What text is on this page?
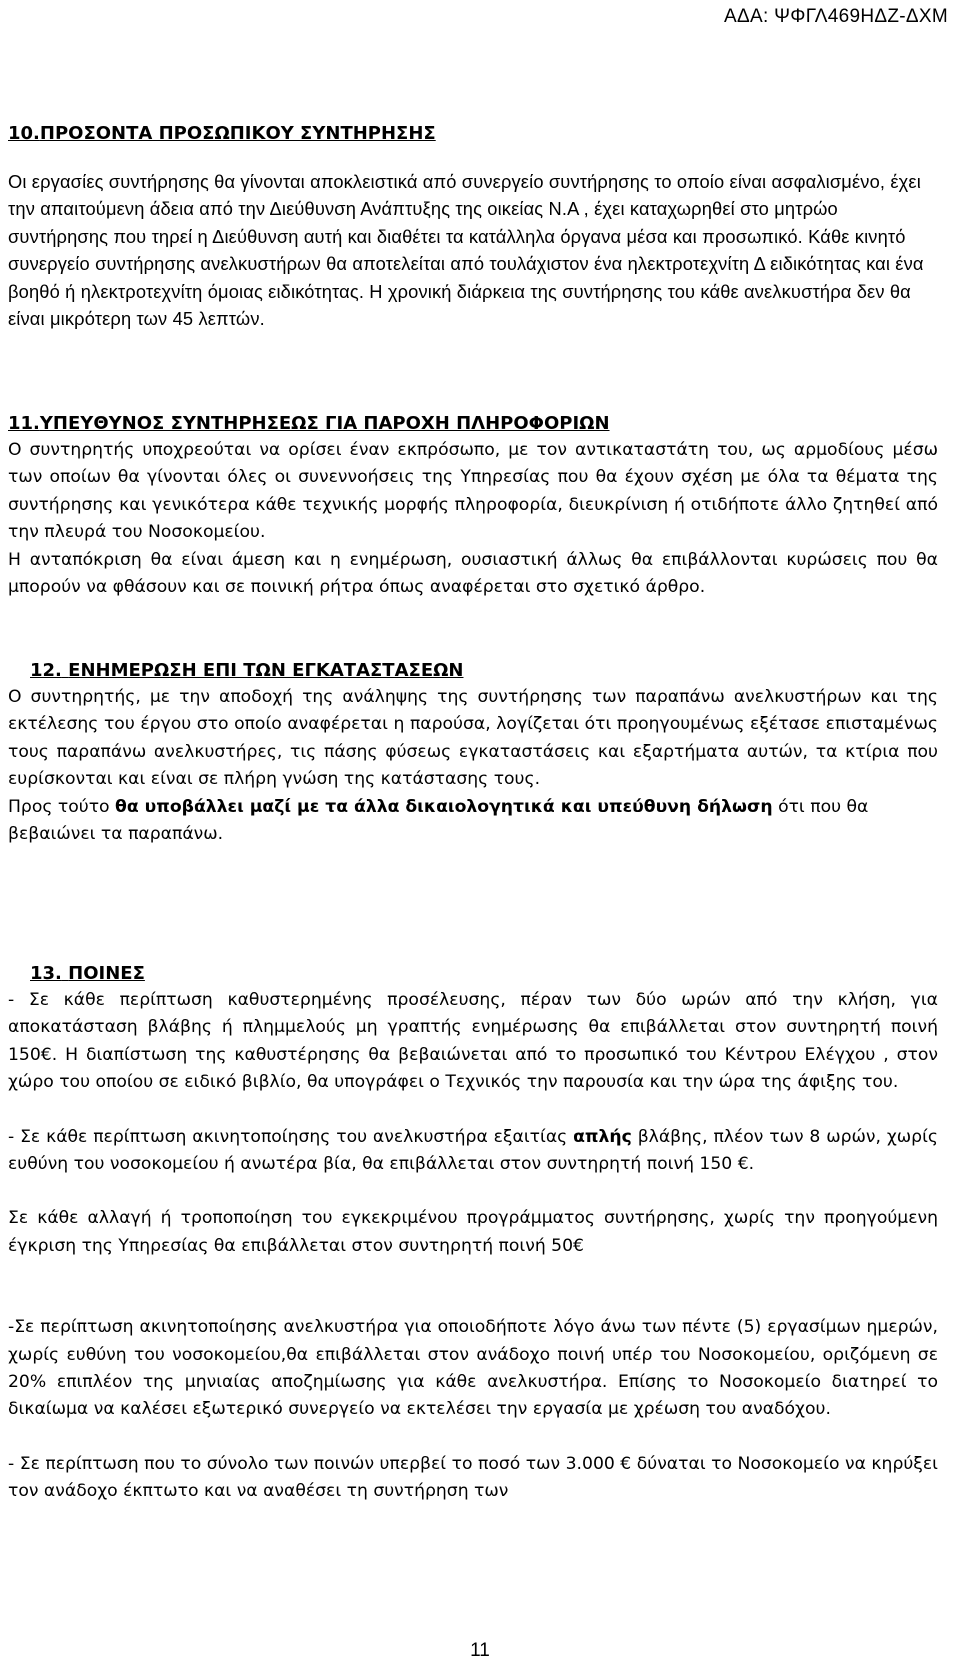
ΑΔΑ: ΨΦΓΛ469ΗΔΖ-ΔΧΜ

10.ΠΡΟΣΟΝΤΑ ΠΡΟΣΩΠΙΚΟΥ ΣΥΝΤΗΡΗΣΗΣ

Οι εργασίες συντήρησης θα γίνονται αποκλειστικά από συνεργείο συντήρησης το οποίο είναι ασφαλισμένο, έχει την απαιτούμενη άδεια από την Διεύθυνση Ανάπτυξης της οικείας Ν.Α , έχει καταχωρηθεί στο μητρώο συντήρησης που τηρεί η Διεύθυνση αυτή και διαθέτει τα κατάλληλα όργανα μέσα και προσωπικό. Κάθε κινητό συνεργείο συντήρησης ανελκυστήρων θα αποτελείται από τουλάχιστον ένα ηλεκτροτεχνίτη Δ ειδικότητας και ένα βοηθό ή ηλεκτροτεχνίτη όμοιας ειδικότητας. Η χρονική διάρκεια της συντήρησης του κάθε ανελκυστήρα δεν θα είναι μικρότερη των 45 λεπτών.

11.ΥΠΕΥΘΥΝΟΣ ΣΥΝΤΗΡΗΣΕΩΣ ΓΙΑ ΠΑΡΟΧΗ ΠΛΗΡΟΦΟΡΙΩΝ

Ο συντηρητής υποχρεούται να ορίσει έναν εκπρόσωπο, με τον αντικαταστάτη του, ως αρμοδίους μέσω των οποίων θα γίνονται όλες οι συνεννοήσεις της Υπηρεσίας που θα έχουν σχέση με όλα τα θέματα της συντήρησης και γενικότερα κάθε τεχνικής μορφής πληροφορία, διευκρίνιση ή οτιδήποτε άλλο ζητηθεί από την πλευρά του Νοσοκομείου.

Η ανταπόκριση θα είναι άμεση και η ενημέρωση, ουσιαστική άλλως θα επιβάλλονται κυρώσεις που θα μπορούν να φθάσουν και σε ποινική ρήτρα όπως αναφέρεται στο σχετικό άρθρο.

12. ΕΝΗΜΕΡΩΣΗ ΕΠΙ ΤΩΝ ΕΓΚΑΤΑΣΤΑΣΕΩΝ

Ο συντηρητής, με την αποδοχή της ανάληψης της συντήρησης των παραπάνω ανελκυστήρων και της εκτέλεσης του έργου στο οποίο αναφέρεται η παρούσα, λογίζεται ότι προηγουμένως εξέτασε επισταμένως τους παραπάνω ανελκυστήρες, τις πάσης φύσεως εγκαταστάσεις και εξαρτήματα αυτών, τα κτίρια που ευρίσκονται και είναι σε πλήρη γνώση της κατάστασης τους.

Προς τούτο θα υποβάλλει μαζί με τα άλλα δικαιολογητικά και υπεύθυνη δήλωση ότι που θα βεβαιώνει τα παραπάνω.

13. ΠΟΙΝΕΣ

- Σε κάθε περίπτωση καθυστερημένης προσέλευσης, πέραν των δύο ωρών από την κλήση, για αποκατάσταση βλάβης ή πλημμελούς μη γραπτής ενημέρωσης θα επιβάλλεται στον συντηρητή ποινή 150€. Η διαπίστωση της καθυστέρησης θα βεβαιώνεται από το προσωπικό του Κέντρου Ελέγχου , στον χώρο του οποίου σε ειδικό βιβλίο, θα υπογράφει ο Τεχνικός την παρουσία και την ώρα της άφιξης του.

- Σε κάθε περίπτωση ακινητοποίησης του ανελκυστήρα εξαιτίας απλής βλάβης, πλέον των 8 ωρών, χωρίς ευθύνη του νοσοκομείου ή ανωτέρα βία, θα επιβάλλεται στον συντηρητή ποινή 150 €.

Σε κάθε αλλαγή ή τροποποίηση του εγκεκριμένου προγράμματος συντήρησης, χωρίς την προηγούμενη έγκριση της Υπηρεσίας θα επιβάλλεται στον συντηρητή ποινή 50€

-Σε περίπτωση ακινητοποίησης ανελκυστήρα για οποιοδήποτε λόγο άνω των πέντε (5) εργασίμων ημερών, χωρίς ευθύνη του νοσοκομείου,θα επιβάλλεται στον ανάδοχο ποινή υπέρ του Νοσοκομείου, οριζόμενη σε 20% επιπλέον της μηνιαίας αποζημίωσης για κάθε ανελκυστήρα. Επίσης το Νοσοκομείο διατηρεί το δικαίωμα να καλέσει εξωτερικό συνεργείο να εκτελέσει την εργασία με χρέωση του αναδόχου.

- Σε περίπτωση που το σύνολο των ποινών υπερβεί το ποσό των 3.000 € δύναται το Νοσοκομείο να κηρύξει τον ανάδοχο έκπτωτο και να αναθέσει τη συντήρηση των

11
